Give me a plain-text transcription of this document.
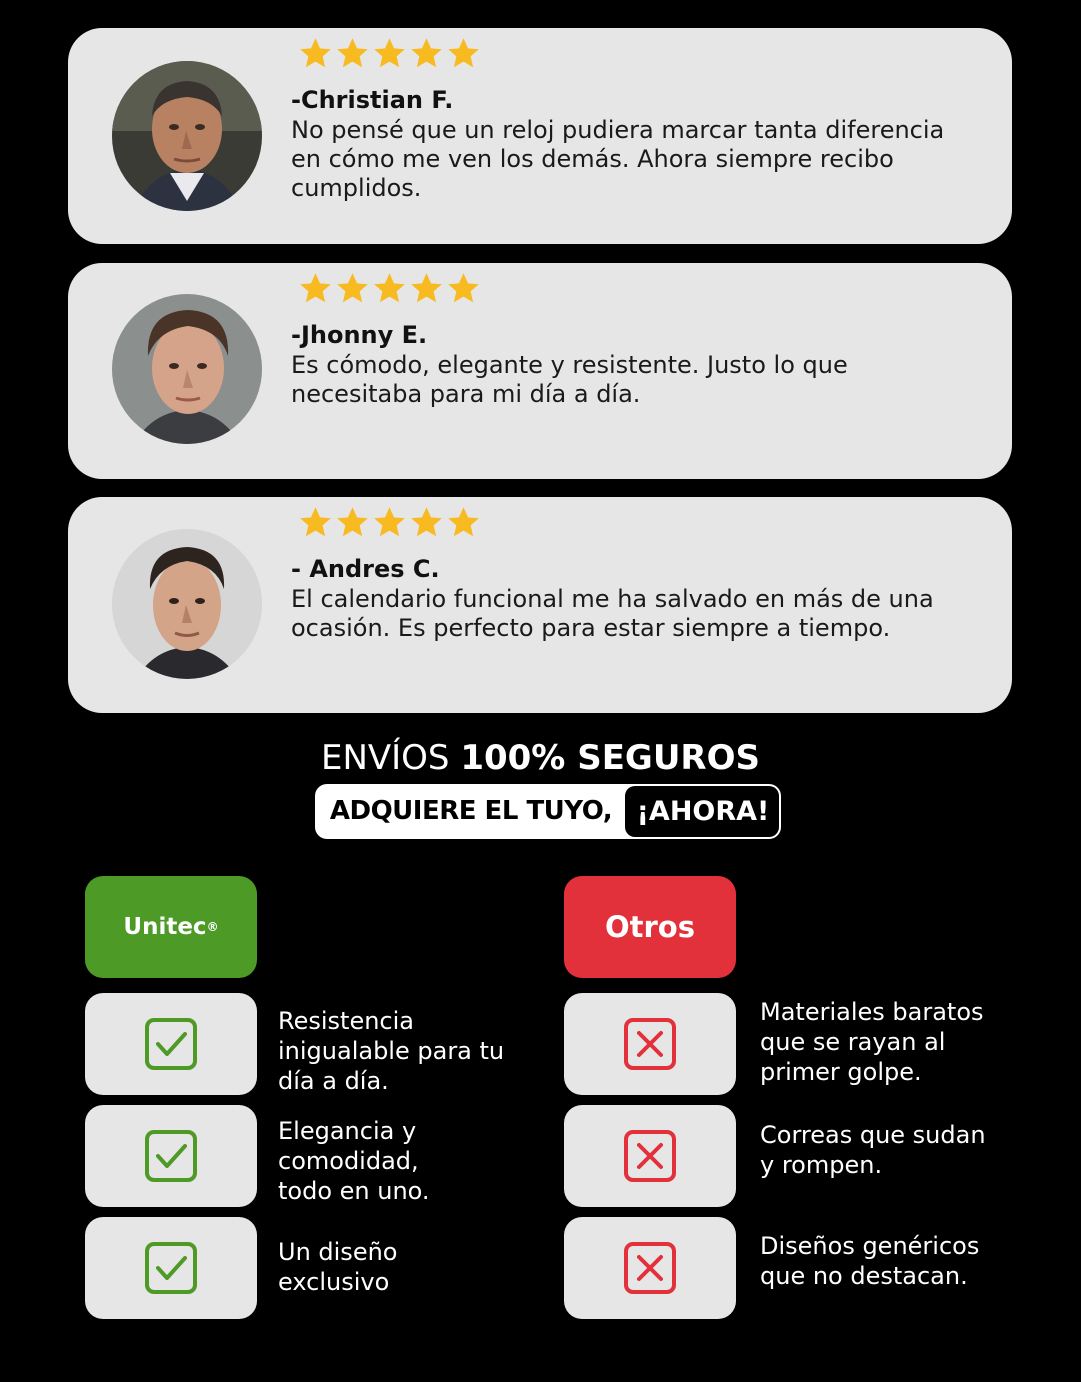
-Christian F.

No pensé que un reloj pudiera marcar tanta diferencia en cómo me ven los demás. Ahora siempre recibo cumplidos.

-Jhonny E.

Es cómodo, elegante y resistente. Justo lo que necesitaba para mi día a día.

- Andres C.

El calendario funcional me ha salvado en más de una ocasión. Es perfecto para estar siempre a tiempo.

ENVÍOS 100% SEGUROS
ADQUIERE EL TUYO, ¡AHORA!
Unitec ®	Otros

Resistencia inigualable para tu día a día.

Elegancia y comodidad, todo en uno.

Un diseño exclusivo

Materiales baratos que se rayan al primer golpe.

Correas que sudan y rompen.

Diseños genéricos que no destacan.
